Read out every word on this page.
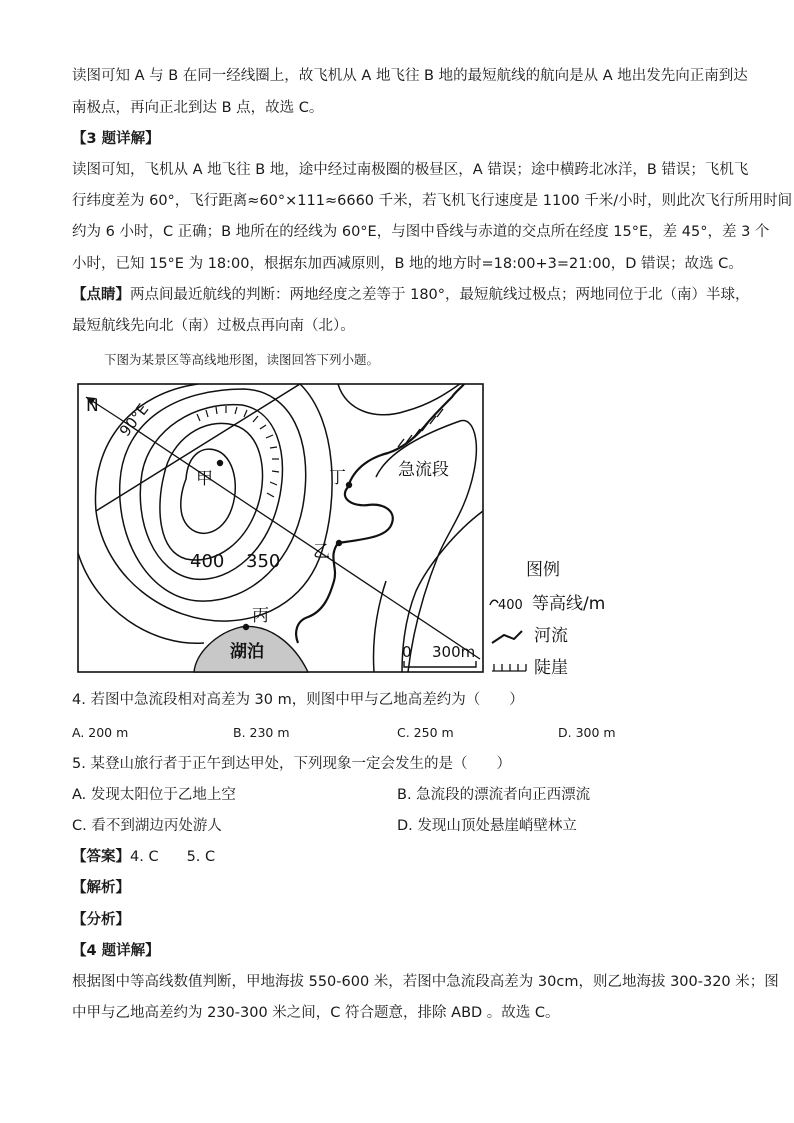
读图可知 A 与 B 在同一经线圈上，故飞机从 A 地飞往 B 地的最短航线的航向是从 A 地出发先向正南到达
南极点，再向正北到达 B 点，故选 C。
【3 题详解】
读图可知，飞机从 A 地飞往 B 地，途中经过南极圈的极昼区，A 错误；途中横跨北冰洋，B 错误；飞机飞
行纬度差为 60°，飞行距离≈60°×111≈6660 千米，若飞机飞行速度是 1100 千米/小时，则此次飞行所用时间
约为 6 小时，C 正确；B 地所在的经线为 60°E，与图中昏线与赤道的交点所在经度 15°E，差 45°，差 3 个
小时，已知 15°E 为 18:00，根据东加西减原则，B 地的地方时=18:00+3=21:00，D 错误；故选 C。
【点睛】两点间最近航线的判断：两地经度之差等于 180°，最短航线过极点；两地同位于北（南）半球，
最短航线先向北（南）过极点再向南（北）。
下图为某景区等高线地形图，读图回答下列小题。
N 90°E
甲
乙
丙
丁	急流段
湖泊
400 350
0 300m
图例
400 等高线/m
河流
陡崖
4. 若图中急流段相对高差为 30 m，则图中甲与乙地高差约为（　　）
A. 200 m	B. 230 m	C. 250 m	D. 300 m
5. 某登山旅行者于正午到达甲处，下列现象一定会发生的是（　　）
A. 发现太阳位于乙地上空	B. 急流段的漂流者向正西漂流
C. 看不到湖边丙处游人	D. 发现山顶处悬崖峭壁林立
【答案】4. C 5. C
【解析】
【分析】
【4 题详解】
根据图中等高线数值判断，甲地海拔 550-600 米，若图中急流段高差为 30cm，则乙地海拔 300-320 米；图
中甲与乙地高差约为 230-300 米之间，C 符合题意，排除 ABD 。故选 C。
